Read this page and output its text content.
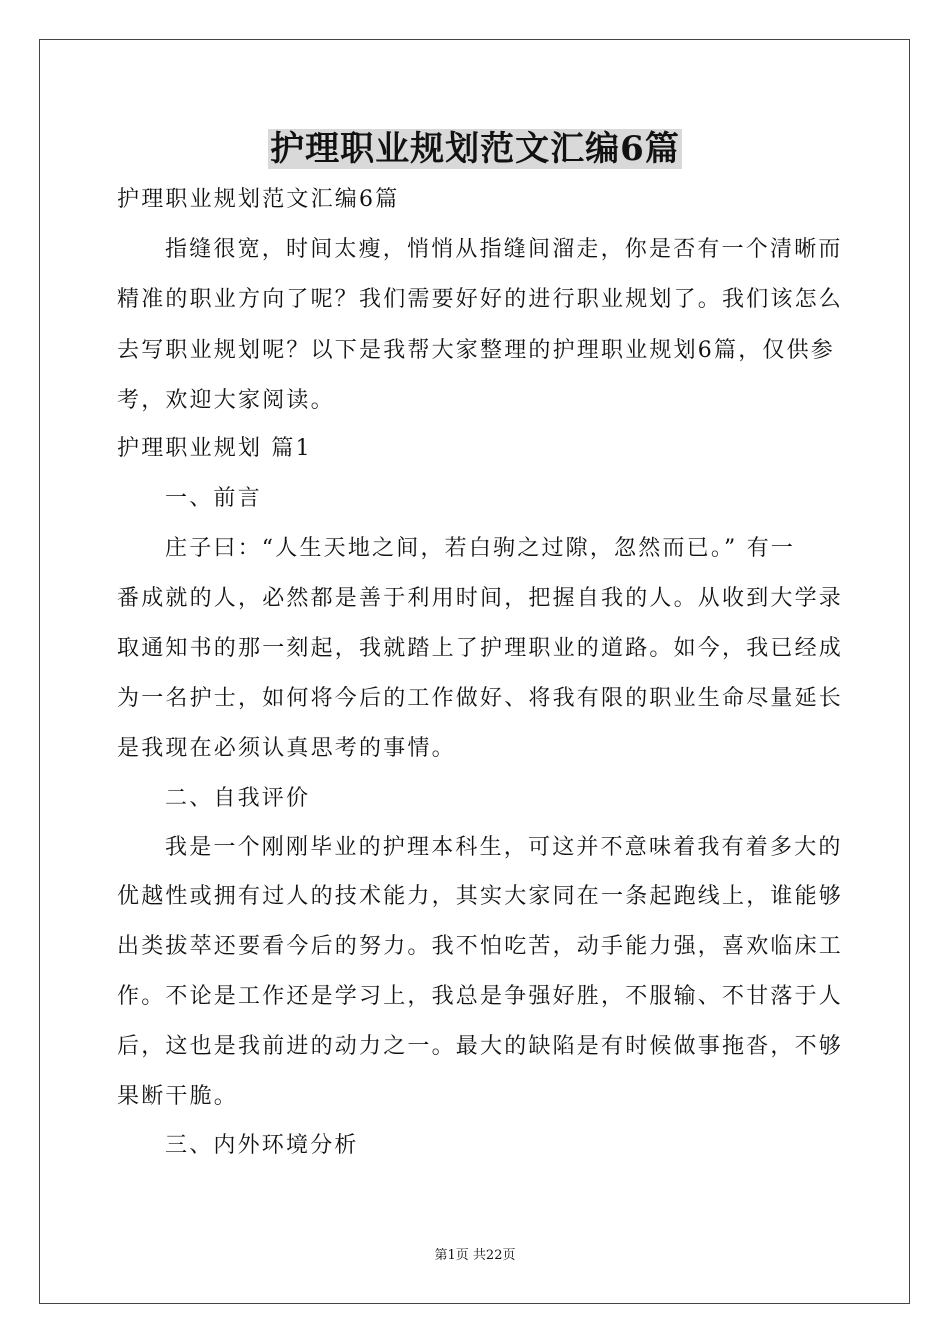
护理职业规划范文汇编6篇
护理职业规划范文汇编6篇
指缝很宽，时间太瘦，悄悄从指缝间溜走，你是否有一个清晰而
精准的职业方向了呢？我们需要好好的进行职业规划了。我们该怎么
去写职业规划呢？以下是我帮大家整理的护理职业规划6篇，仅供参
考，欢迎大家阅读。
护理职业规划 篇1
一、前言
庄子曰：“人生天地之间，若白驹之过隙，忽然而已。” 有一
番成就的人，必然都是善于利用时间，把握自我的人。从收到大学录
取通知书的那一刻起，我就踏上了护理职业的道路。如今，我已经成
为一名护士，如何将今后的工作做好、将我有限的职业生命尽量延长
是我现在必须认真思考的事情。
二、自我评价
我是一个刚刚毕业的护理本科生，可这并不意味着我有着多大的
优越性或拥有过人的技术能力，其实大家同在一条起跑线上，谁能够
出类拔萃还要看今后的努力。我不怕吃苦，动手能力强，喜欢临床工
作。不论是工作还是学习上，我总是争强好胜，不服输、不甘落于人
后，这也是我前进的动力之一。最大的缺陷是有时候做事拖沓，不够
果断干脆。
三、内外环境分析
第1页 共22页
